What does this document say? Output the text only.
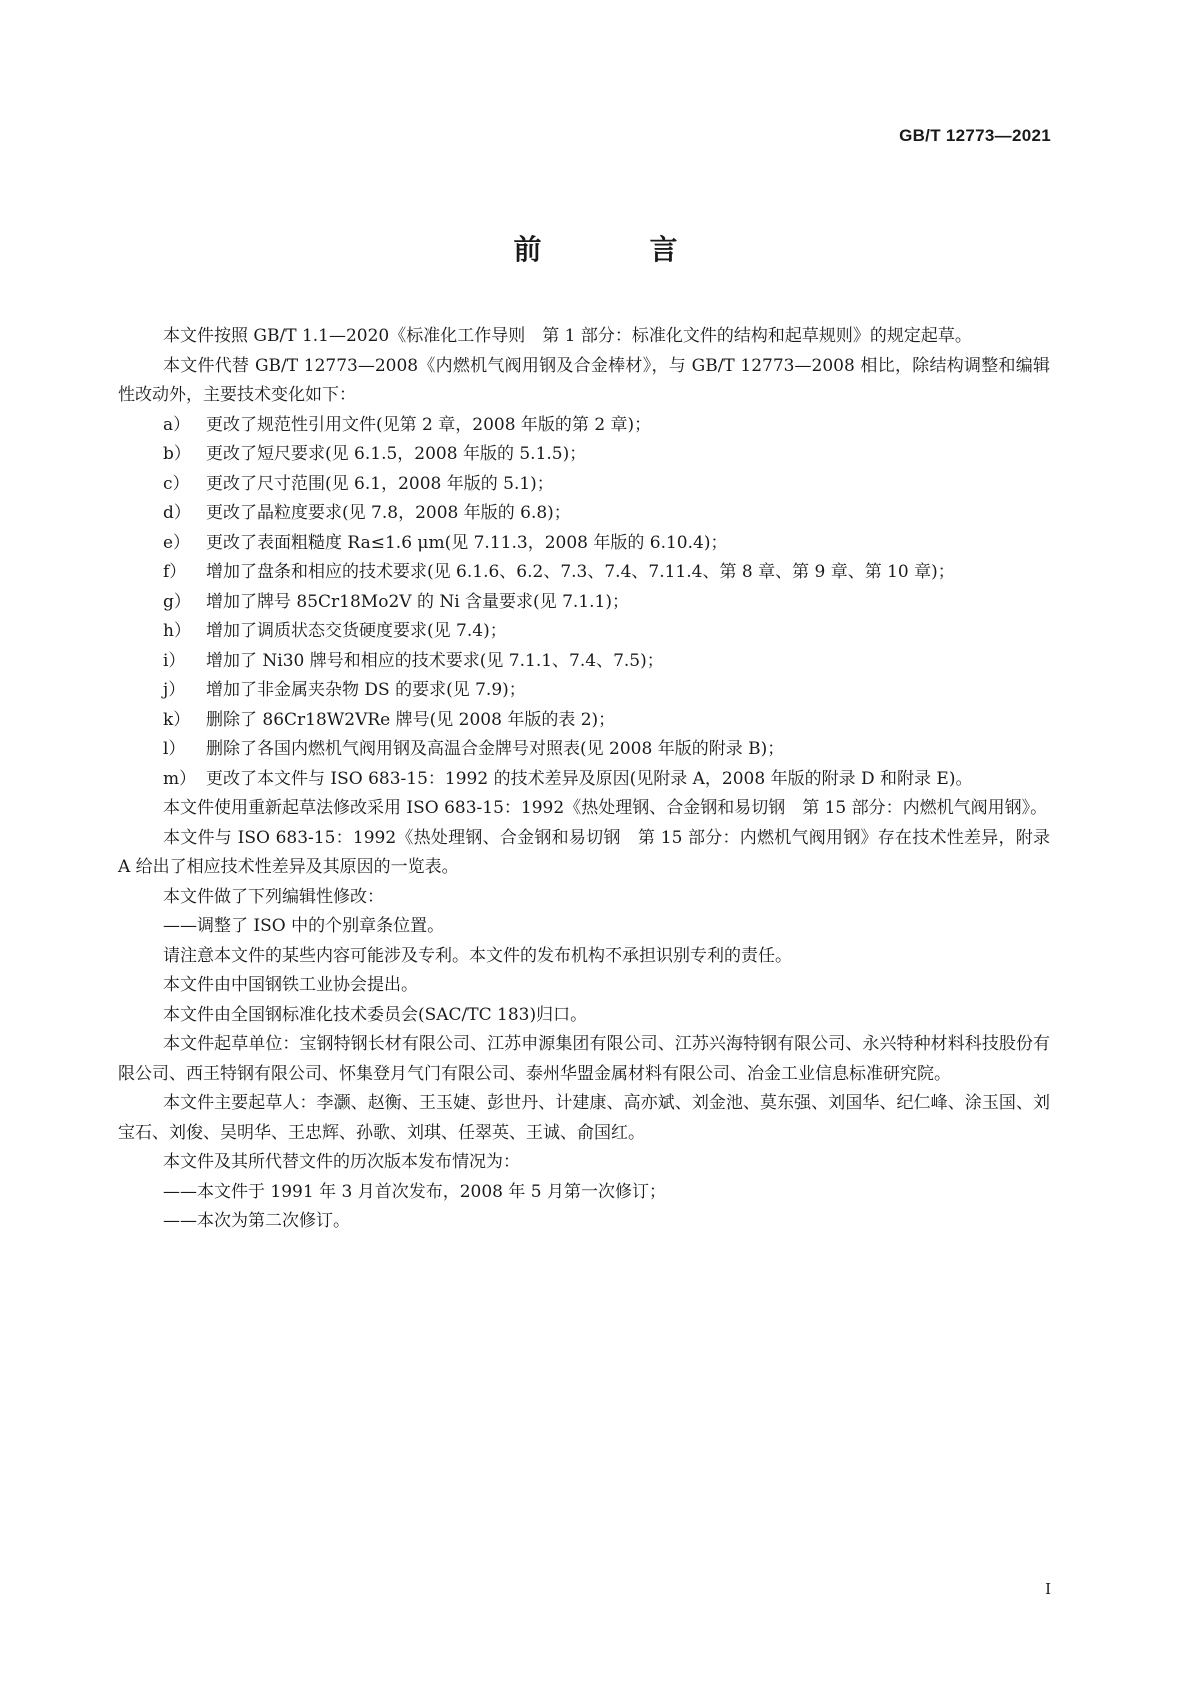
GB/T 12773—2021
前　言

本文件按照 GB/T 1.1—2020《标准化工作导则　第 1 部分：标准化文件的结构和起草规则》的规定起草。

本文件代替 GB/T 12773—2008《内燃机气阀用钢及合金棒材》，与 GB/T 12773—2008 相比，除结构调整和编辑性改动外，主要技术变化如下：

a） 更改了规范性引用文件(见第 2 章，2008 年版的第 2 章)；

b） 更改了短尺要求(见 6.1.5，2008 年版的 5.1.5)；

c） 更改了尺寸范围(见 6.1，2008 年版的 5.1)；

d） 更改了晶粒度要求(见 7.8，2008 年版的 6.8)；

e） 更改了表面粗糙度 Ra≤1.6 μm(见 7.11.3，2008 年版的 6.10.4)；

f） 增加了盘条和相应的技术要求(见 6.1.6、6.2、7.3、7.4、7.11.4、第 8 章、第 9 章、第 10 章)；

g） 增加了牌号 85Cr18Mo2V 的 Ni 含量要求(见 7.1.1)；

h） 增加了调质状态交货硬度要求(见 7.4)；

i） 增加了 Ni30 牌号和相应的技术要求(见 7.1.1、7.4、7.5)；

j） 增加了非金属夹杂物 DS 的要求(见 7.9)；

k） 删除了 86Cr18W2VRe 牌号(见 2008 年版的表 2)；

l） 删除了各国内燃机气阀用钢及高温合金牌号对照表(见 2008 年版的附录 B)；

m） 更改了本文件与 ISO 683-15：1992 的技术差异及原因(见附录 A，2008 年版的附录 D 和附录 E)。

本文件使用重新起草法修改采用 ISO 683-15：1992《热处理钢、合金钢和易切钢　第 15 部分：内燃机气阀用钢》。

本文件与 ISO 683-15：1992《热处理钢、合金钢和易切钢　第 15 部分：内燃机气阀用钢》存在技术性差异，附录 A 给出了相应技术性差异及其原因的一览表。

本文件做了下列编辑性修改：

——调整了 ISO 中的个别章条位置。

请注意本文件的某些内容可能涉及专利。本文件的发布机构不承担识别专利的责任。

本文件由中国钢铁工业协会提出。

本文件由全国钢标准化技术委员会(SAC/TC 183)归口。

本文件起草单位：宝钢特钢长材有限公司、江苏申源集团有限公司、江苏兴海特钢有限公司、永兴特种材料科技股份有限公司、西王特钢有限公司、怀集登月气门有限公司、泰州华盟金属材料有限公司、冶金工业信息标准研究院。

本文件主要起草人：李灏、赵衡、王玉婕、彭世丹、计建康、高亦斌、刘金池、莫东强、刘国华、纪仁峰、涂玉国、刘宝石、刘俊、吴明华、王忠辉、孙歌、刘琪、任翠英、王诚、俞国红。

本文件及其所代替文件的历次版本发布情况为：

——本文件于 1991 年 3 月首次发布，2008 年 5 月第一次修订；

——本次为第二次修订。

I
